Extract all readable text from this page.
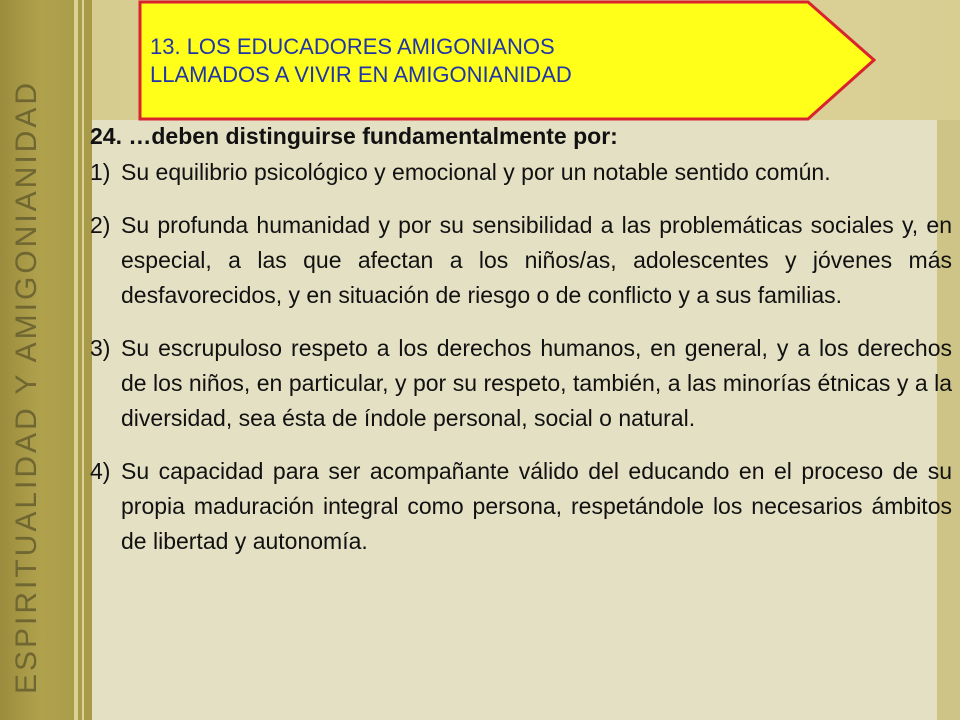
ESPIRITUALIDAD Y AMIGONIANIDAD
13. LOS EDUCADORES AMIGONIANOS
LLAMADOS A VIVIR EN AMIGONIANIDAD
24. …deben distinguirse fundamentalmente por:
1) Su equilibrio psicológico y emocional y por un notable sentido común.
2) Su profunda humanidad y por su sensibilidad a las problemáticas sociales y, en especial, a las que afectan a los niños/as, adolescentes y jóvenes más desfavorecidos, y en situación de riesgo o de conflicto y a sus familias.
3) Su escrupuloso respeto a los derechos humanos, en general, y a los derechos de los niños, en particular, y por su respeto, también, a las minorías étnicas y a la diversidad, sea ésta de índole personal, social o natural.
4) Su capacidad para ser acompañante válido del educando en el proceso de su propia maduración integral como persona, respetándole los necesarios ámbitos de libertad y autonomía.
